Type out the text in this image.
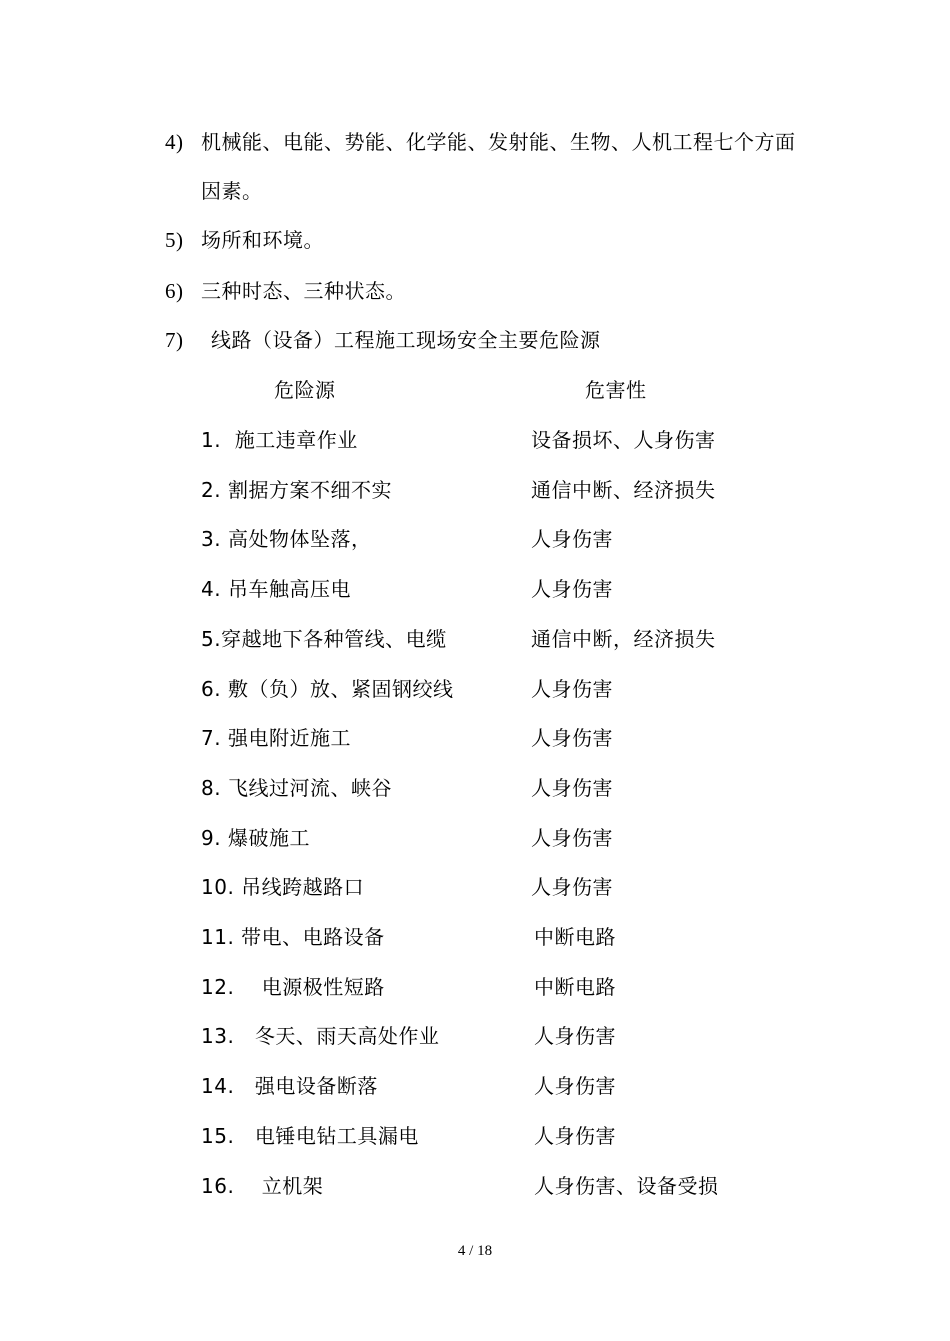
4) 机械能、电能、势能、化学能、发射能、生物、人机工程七个方面
因素。
5) 场所和环境。
6) 三种时态、三种状态。
7) 线路（设备）工程施工现场安全主要危险源
危险源	危害性
1.  施工违章作业	设备损坏、人身伤害
2. 割据方案不细不实	通信中断、经济损失
3. 高处物体坠落，	人身伤害
4. 吊车触高压电	人身伤害
5.穿越地下各种管线、电缆	通信中断，经济损失
6. 敷（负）放、紧固钢绞线	人身伤害
7. 强电附近施工	人身伤害
8. 飞线过河流、峡谷	人身伤害
9. 爆破施工	人身伤害
10. 吊线跨越路口	人身伤害
11. 带电、电路设备	中断电路
12.    电源极性短路	中断电路
13.   冬天、雨天高处作业	人身伤害
14.   强电设备断落	人身伤害
15.   电锤电钻工具漏电	人身伤害
16.    立机架	人身伤害、设备受损
4 / 18
